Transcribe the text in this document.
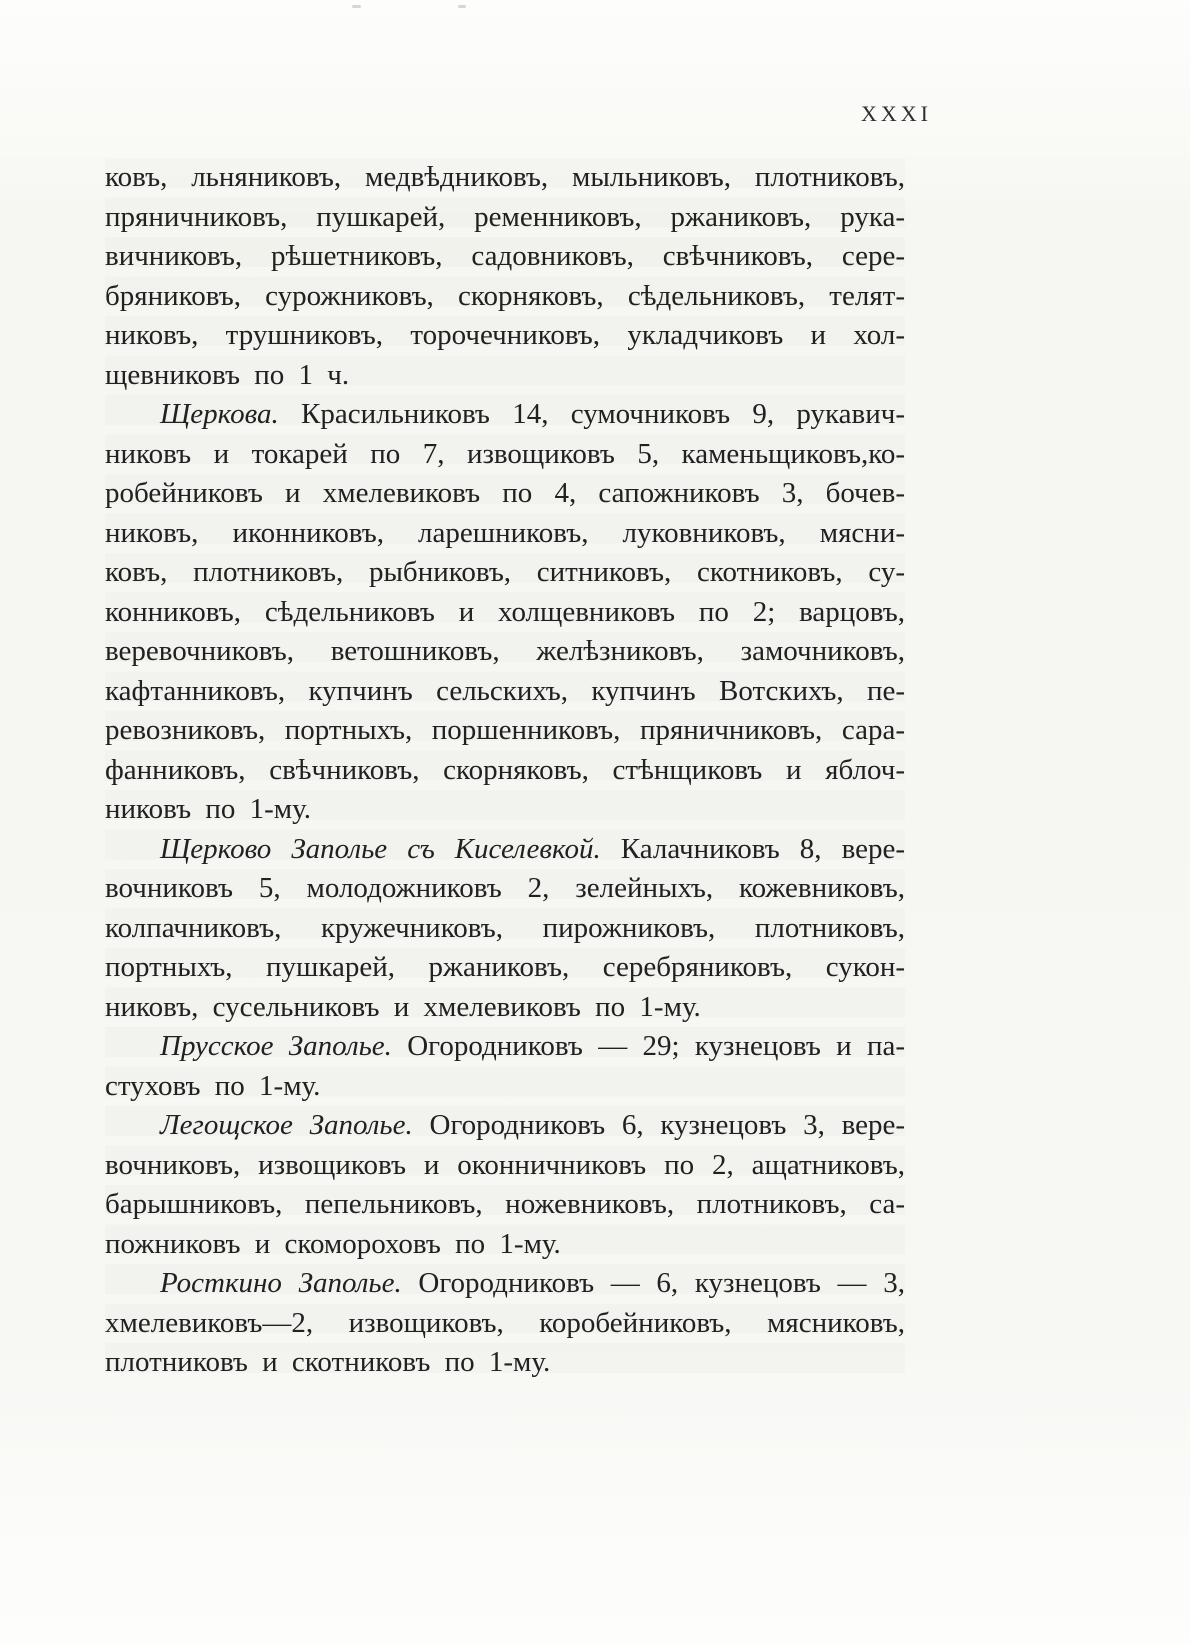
XXXI
ковъ, льняниковъ, медвѣдниковъ, мыльниковъ, плотниковъ,
пряничниковъ, пушкарей, ременниковъ, ржаниковъ, рука-
вичниковъ, рѣшетниковъ, садовниковъ, свѣчниковъ, сере-
бряниковъ, сурожниковъ, скорняковъ, сѣдельниковъ, телят-
никовъ, трушниковъ, торочечниковъ, укладчиковъ и хол-
щевниковъ по 1 ч.
Щеркова. Красильниковъ 14, сумочниковъ 9, рукавич-
никовъ и токарей по 7, извощиковъ 5, каменьщиковъ,ко-
робейниковъ и хмелевиковъ по 4, сапожниковъ 3, бочев-
никовъ, иконниковъ, ларешниковъ, луковниковъ, мясни-
ковъ, плотниковъ, рыбниковъ, ситниковъ, скотниковъ, су-
конниковъ, сѣдельниковъ и холщевниковъ по 2; варцовъ,
веревочниковъ, ветошниковъ, желѣзниковъ, замочниковъ,
кафтанниковъ, купчинъ сельскихъ, купчинъ Вотскихъ, пе-
ревозниковъ, портныхъ, поршенниковъ, пряничниковъ, сара-
фанниковъ, свѣчниковъ, скорняковъ, стѣнщиковъ и яблоч-
никовъ по 1-му.
Щерково Заполье съ Киселевкой. Калачниковъ 8, вере-
вочниковъ 5, молодожниковъ 2, зелейныхъ, кожевниковъ,
колпачниковъ, кружечниковъ, пирожниковъ, плотниковъ,
портныхъ, пушкарей, ржаниковъ, серебряниковъ, сукон-
никовъ, сусельниковъ и хмелевиковъ по 1-му.
Прусское Заполье. Огородниковъ — 29; кузнецовъ и па-
стуховъ по 1-му.
Легощское Заполье. Огородниковъ 6, кузнецовъ 3, вере-
вочниковъ, извощиковъ и оконничниковъ по 2, ащатниковъ,
барышниковъ, пепельниковъ, ножевниковъ, плотниковъ, са-
пожниковъ и скомороховъ по 1-му.
Росткино Заполье. Огородниковъ — 6, кузнецовъ — 3,
хмелевиковъ—2, извощиковъ, коробейниковъ, мясниковъ,
плотниковъ и скотниковъ по 1-му.
